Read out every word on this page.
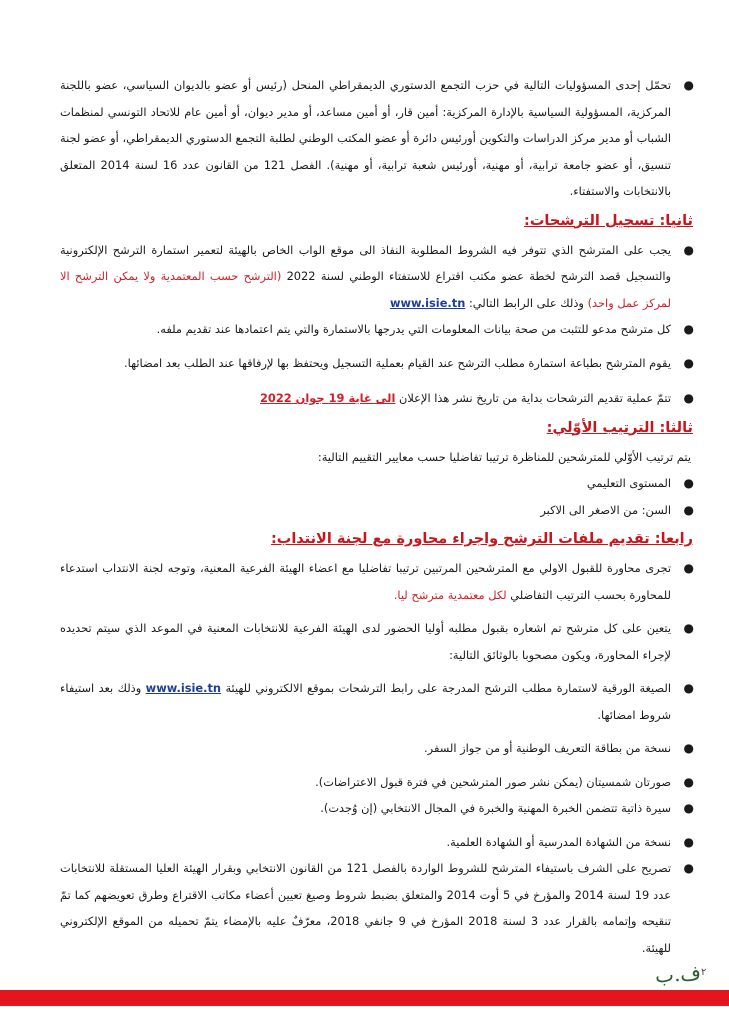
●
تحمّل إحدى المسؤوليات التالية في حزب التجمع الدستوري الديمقراطي المنحل (رئيس أو عضو بالديوان السياسي، عضو باللجنة المركزية، المسؤولية السياسية بالإدارة المركزية: أمين قار، أو أمين مساعد، أو مدير ديوان، أو أمين عام للاتحاد التونسي لمنظمات الشباب أو مدير مركز الدراسات والتكوين أورئيس دائرة أو عضو المكتب الوطني لطلبة التجمع الدستوري الديمقراطي، أو عضو لجنة تنسيق، أو عضو جامعة ترابية، أو مهنية، أورئيس شعبة ترابية، أو مهنية). الفصل 121 من القانون عدد 16 لسنة 2014 المتعلق بالانتخابات والاستفتاء.

ثانيا: تسجيل الترشحات:

●
يجب على المترشح الذي تتوفر فيه الشروط المطلوبة النفاذ الى موقع الواب الخاص بالهيئة لتعمير استمارة الترشح الإلكترونية والتسجيل قصد الترشح لخطة عضو مكتب اقتراع للاستفتاء الوطني لسنة 2022 (الترشح حسب المعتمدية ولا يمكن الترشح الا لمركز عمل واحد) وذلك على الرابط التالي: www.isie.tn

●
كل مترشح مدعو للتثبت من صحة بيانات المعلومات التي يدرجها بالاستمارة والتي يتم اعتمادها عند تقديم ملفه.

●
يقوم المترشح بطباعة استمارة مطلب الترشح عند القيام بعملية التسجيل ويحتفظ بها لإرفاقها عند الطلب بعد امضائها.

●
تتمّ عملية تقديم الترشحات بداية من تاريخ نشر هذا الإعلان الى غاية 19 جوان 2022

ثالثا: الترتيب الأوّلي:

يتم ترتيب الأوّلي للمترشحين للمناظرة ترتيبا تفاضليا حسب معايير التقييم التالية:

●
المستوى التعليمي

●
السن: من الاصغر الى الاكبر

رابعا: تقديم ملفات الترشح واجراء محاورة مع لجنة الانتداب:

●
تجرى محاورة للقبول الاولي مع المترشحين المرتبين ترتيبا تفاضليا مع اعضاء الهيئة الفرعية المعنية، وتوجه لجنة الانتداب استدعاء للمحاورة بحسب الترتيب التفاضلي لكل معتمدية مترشح ليا.

●
يتعين على كل مترشح تم اشعاره بقبول مطلبه أوليا الحضور لدى الهيئة الفرعية للانتخابات المعنية في الموعد الذي سيتم تحديده لإجراء المحاورة، ويكون مصحوبا بالوثائق التالية:

●
الصيغة الورقية لاستمارة مطلب الترشح المدرجة على رابط الترشحات بموقع الالكتروني للهيئة www.isie.tn وذلك بعد استيفاء شروط امضائها.

●
نسخة من بطاقة التعريف الوطنية أو من جواز السفر.

●
صورتان شمسيتان (يمكن نشر صور المترشحين في فترة قبول الاعتراضات).

●
سيرة ذاتية تتضمن الخبرة المهنية والخبرة في المجال الانتخابي (إن وُجدت).

●
نسخة من الشهادة المدرسية أو الشهادة العلمية.

●
تصريح على الشرف باستيفاء المترشح للشروط الواردة بالفصل 121 من القانون الانتخابي وبقرار الهيئة العليا المستقلة للانتخابات عدد 19 لسنة 2014 والمؤرخ في 5 أوت 2014 والمتعلق بضبط شروط وصيغ تعيين أعضاء مكاتب الاقتراع وطرق تعويضهم كما تمّ تنقيحه وإتمامه بالقرار عدد 3 لسنة 2018 المؤرخ في 9 جانفي 2018، معرّفٌ عليه بالإمضاء يتمّ تحميله من الموقع الإلكتروني للهيئة.

ف.ب ٢
